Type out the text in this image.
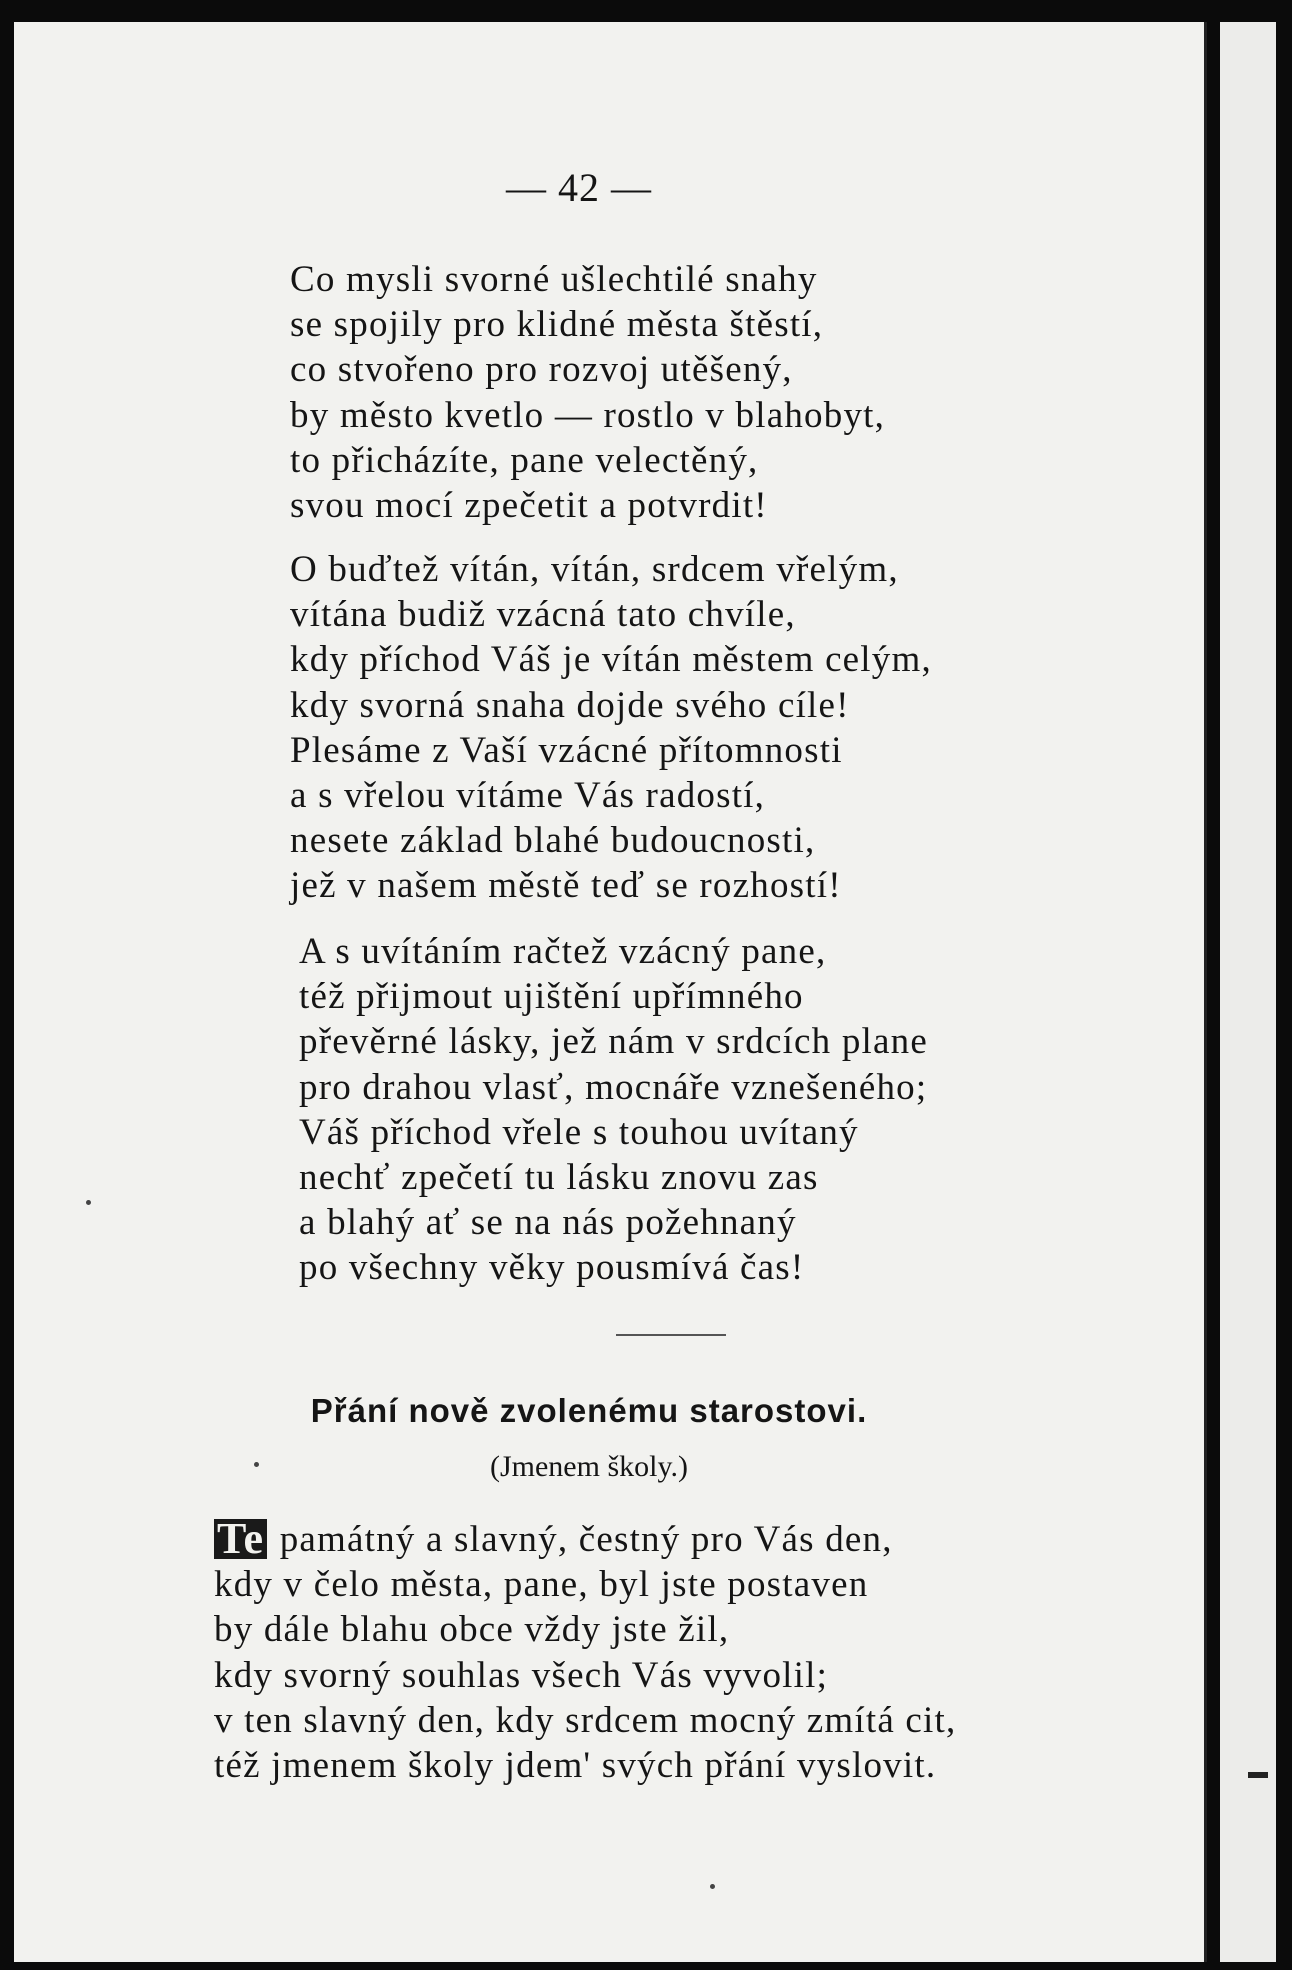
— 42 —
Co mysli svorné ušlechtilé snahy
se spojily pro klidné města štěstí,
co stvořeno pro rozvoj utěšený,
by město kvetlo — rostlo v blahobyt,
to přicházíte, pane velectěný,
svou mocí zpečetit a potvrdit!
O buďtež vítán, vítán, srdcem vřelým,
vítána budiž vzácná tato chvíle,
kdy příchod Váš je vítán městem celým,
kdy svorná snaha dojde svého cíle!
Plesáme z Vaší vzácné přítomnosti
a s vřelou vítáme Vás radostí,
nesete základ blahé budoucnosti,
jež v našem městě teď se rozhostí!
A s uvítáním račtež vzácný pane,
též přijmout ujištění upřímného
převěrné lásky, jež nám v srdcích plane
pro drahou vlasť, mocnáře vznešeného;
Váš příchod vřele s touhou uvítaný
nechť zpečetí tu lásku znovu zas
a blahý ať se na nás požehnaný
po všechny věky pousmívá čas!
Přání nově zvolenému starostovi.
(Jmenem školy.)
Te památný a slavný, čestný pro Vás den,
kdy v čelo města, pane, byl jste postaven
by dále blahu obce vždy jste žil,
kdy svorný souhlas všech Vás vyvolil;
v ten slavný den, kdy srdcem mocný zmítá cit,
též jmenem školy jdem' svých přání vyslovit.
